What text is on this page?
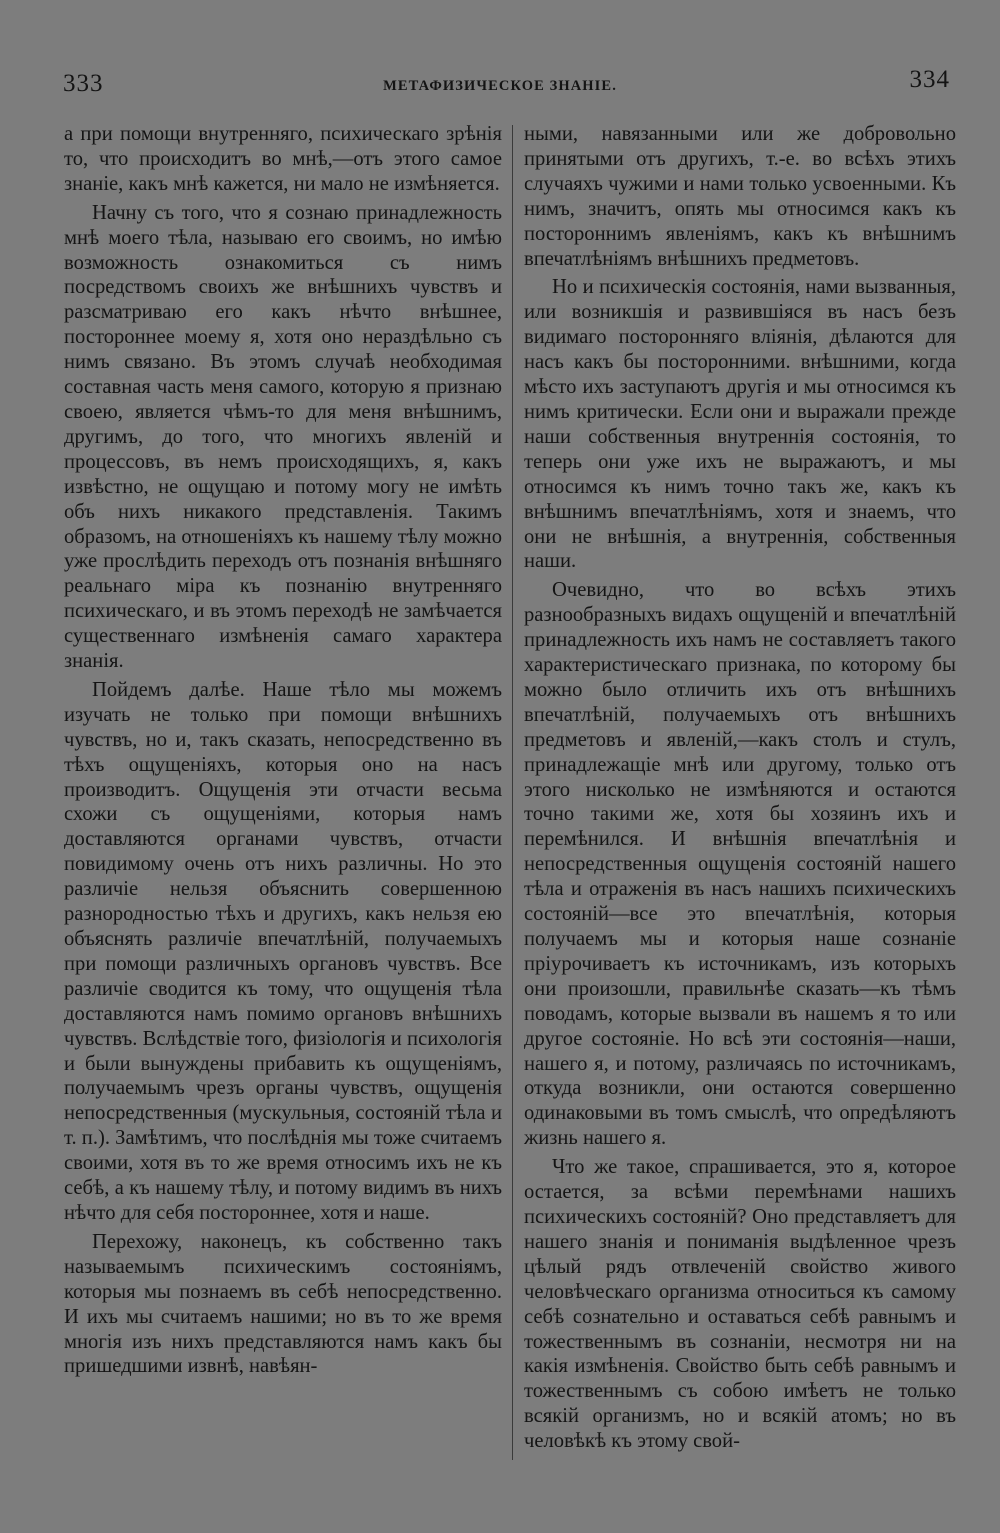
333	МЕТАФИЗИЧЕСКОЕ ЗНАНІЕ.	334

а при помощи внутренняго, психическаго зрѣнія то, что происходитъ во мнѣ,—отъ этого самое знаніе, какъ мнѣ кажется, ни мало не измѣняется.

Начну съ того, что я сознаю принадлежность мнѣ моего тѣла, называю его своимъ, но имѣю возможность ознакомиться съ нимъ посредствомъ своихъ же внѣшнихъ чувствъ и разсматриваю его какъ нѣчто внѣшнее, постороннее моему я, хотя оно нераздѣльно съ нимъ связано. Въ этомъ случаѣ необходимая составная часть меня самого, которую я признаю своею, является чѣмъ-то для меня внѣшнимъ, другимъ, до того, что многихъ явленій и процессовъ, въ немъ происходящихъ, я, какъ извѣстно, не ощущаю и потому могу не имѣть объ нихъ никакого представленія. Такимъ образомъ, на отношеніяхъ къ нашему тѣлу можно уже прослѣдить переходъ отъ познанія внѣшняго реальнаго міра къ познанію внутренняго психическаго, и въ этомъ переходѣ не замѣчается существеннаго измѣненія самаго характера знанія.

Пойдемъ далѣе. Наше тѣло мы можемъ изучать не только при помощи внѣшнихъ чувствъ, но и, такъ сказать, непосредственно въ тѣхъ ощущеніяхъ, которыя оно на насъ производитъ. Ощущенія эти отчасти весьма схожи съ ощущеніями, которыя намъ доставляются органами чувствъ, отчасти повидимому очень отъ нихъ различны. Но это различіе нельзя объяснить совершенною разнородностью тѣхъ и другихъ, какъ нельзя ею объяснять различіе впечатлѣній, получаемыхъ при помощи различныхъ органовъ чувствъ. Все различіе сводится къ тому, что ощущенія тѣла доставляются намъ помимо органовъ внѣшнихъ чувствъ. Вслѣдствіе того, физіологія и психологія и были вынуждены прибавить къ ощущеніямъ, получаемымъ чрезъ органы чувствъ, ощущенія непосредственныя (мускульныя, состояній тѣла и т. п.). Замѣтимъ, что послѣднія мы тоже считаемъ своими, хотя въ то же время относимъ ихъ не къ себѣ, а къ нашему тѣлу, и потому видимъ въ нихъ нѣчто для себя постороннее, хотя и наше.

Перехожу, наконецъ, къ собственно такъ называемымъ психическимъ состояніямъ, которыя мы познаемъ въ себѣ непосредственно. И ихъ мы считаемъ нашими; но въ то же время многія изъ нихъ представляются намъ какъ бы пришедшими извнѣ, навѣян-

ными, навязанными или же добровольно принятыми отъ другихъ, т.-е. во всѣхъ этихъ случаяхъ чужими и нами только усвоенными. Къ нимъ, значитъ, опять мы относимся какъ къ постороннимъ явленіямъ, какъ къ внѣшнимъ впечатлѣніямъ внѣшнихъ предметовъ.

Но и психическія состоянія, нами вызванныя, или возникшія и развившіяся въ насъ безъ видимаго посторонняго вліянія, дѣлаются для насъ какъ бы посторонними. внѣшними, когда мѣсто ихъ заступаютъ другія и мы относимся къ нимъ критически. Если они и выражали прежде наши собственныя внутреннія состоянія, то теперь они уже ихъ не выражаютъ, и мы относимся къ нимъ точно такъ же, какъ къ внѣшнимъ впечатлѣніямъ, хотя и знаемъ, что они не внѣшнія, а внутреннія, собственныя наши.

Очевидно, что во всѣхъ этихъ разнообразныхъ видахъ ощущеній и впечатлѣній принадлежность ихъ намъ не составляетъ такого характеристическаго признака, по которому бы можно было отличить ихъ отъ внѣшнихъ впечатлѣній, получаемыхъ отъ внѣшнихъ предметовъ и явленій,—какъ столъ и стулъ, принадлежащіе мнѣ или другому, только отъ этого нисколько не измѣняются и остаются точно такими же, хотя бы хозяинъ ихъ и перемѣнился. И внѣшнія впечатлѣнія и непосредственныя ощущенія состояній нашего тѣла и отраженія въ насъ нашихъ психическихъ состояній—все это впечатлѣнія, которыя получаемъ мы и которыя наше сознаніе пріурочиваетъ къ источникамъ, изъ которыхъ они произошли, правильнѣе сказать—къ тѣмъ поводамъ, которые вызвали въ нашемъ я то или другое состояніе. Но всѣ эти состоянія—наши, нашего я, и потому, различаясь по источникамъ, откуда возникли, они остаются совершенно одинаковыми въ томъ смыслѣ, что опредѣляютъ жизнь нашего я.

Что же такое, спрашивается, это я, которое остается, за всѣми перемѣнами нашихъ психическихъ состояній? Оно представляетъ для нашего знанія и пониманія выдѣленное чрезъ цѣлый рядъ отвлеченій свойство живого человѣческаго организма относиться къ самому себѣ сознательно и оставаться себѣ равнымъ и тожественнымъ въ сознаніи, несмотря ни на какія измѣненія. Свойство быть себѣ равнымъ и тожественнымъ съ собою имѣетъ не только всякій организмъ, но и всякій атомъ; но въ человѣкѣ къ этому свой-
